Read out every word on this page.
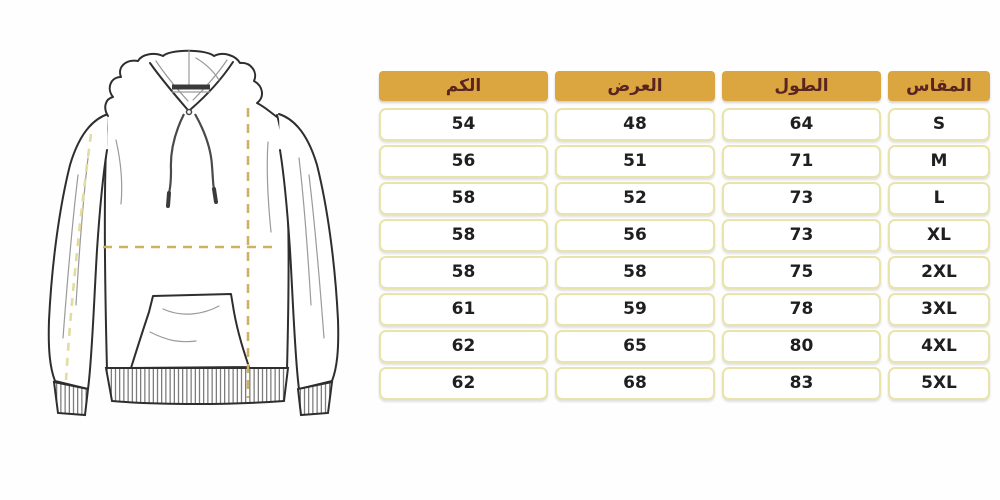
المقاس
الطول
العرض
الكم
S
64
48
54
M
71
51
56
L
73
52
58
XL
73
56
58
2XL
75
58
58
3XL
78
59
61
4XL
80
65
62
5XL
83
68
62
